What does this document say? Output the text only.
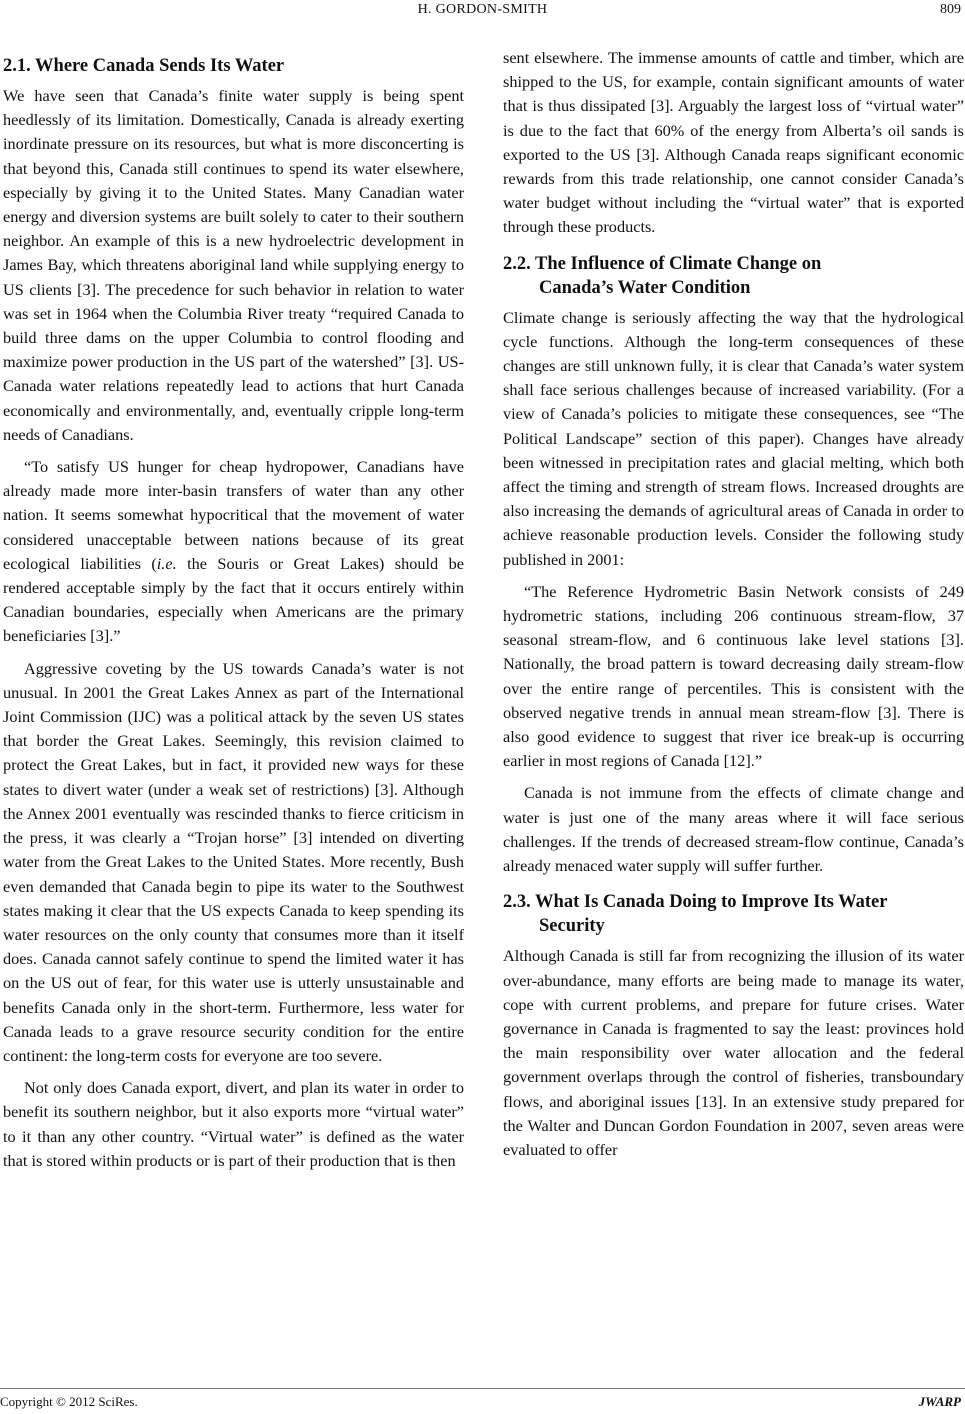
H. GORDON-SMITH	809
2.1. Where Canada Sends Its Water

We have seen that Canada’s finite water supply is being spent heedlessly of its limitation. Domestically, Canada is already exerting inordinate pressure on its resources, but what is more disconcerting is that beyond this, Canada still continues to spend its water elsewhere, especially by giving it to the United States. Many Canadian water energy and diversion systems are built solely to cater to their southern neighbor. An example of this is a new hydroelectric development in James Bay, which threatens aboriginal land while supplying energy to US clients [3]. The precedence for such behavior in relation to water was set in 1964 when the Columbia River treaty “required Canada to build three dams on the upper Columbia to control flooding and maximize power production in the US part of the watershed” [3]. US-Canada water relations repeatedly lead to actions that hurt Canada economically and environmentally, and, eventually cripple long-term needs of Canadians.

“To satisfy US hunger for cheap hydropower, Canadians have already made more inter-basin transfers of water than any other nation. It seems somewhat hypocritical that the movement of water considered unacceptable between nations because of its great ecological liabilities (i.e. the Souris or Great Lakes) should be rendered acceptable simply by the fact that it occurs entirely within Canadian boundaries, especially when Americans are the primary beneficiaries [3].”

Aggressive coveting by the US towards Canada’s water is not unusual. In 2001 the Great Lakes Annex as part of the International Joint Commission (IJC) was a political attack by the seven US states that border the Great Lakes. Seemingly, this revision claimed to protect the Great Lakes, but in fact, it provided new ways for these states to divert water (under a weak set of restrictions) [3]. Although the Annex 2001 eventually was rescinded thanks to fierce criticism in the press, it was clearly a “Trojan horse” [3] intended on diverting water from the Great Lakes to the United States. More recently, Bush even demanded that Canada begin to pipe its water to the Southwest states making it clear that the US expects Canada to keep spending its water resources on the only county that consumes more than it itself does. Canada cannot safely continue to spend the limited water it has on the US out of fear, for this water use is utterly unsustainable and benefits Canada only in the short-term. Furthermore, less water for Canada leads to a grave resource security condition for the entire continent: the long-term costs for everyone are too severe.

Not only does Canada export, divert, and plan its water in order to benefit its southern neighbor, but it also exports more “virtual water” to it than any other country. “Virtual water” is defined as the water that is stored within products or is part of their production that is then

sent elsewhere. The immense amounts of cattle and timber, which are shipped to the US, for example, contain significant amounts of water that is thus dissipated [3]. Arguably the largest loss of “virtual water” is due to the fact that 60% of the energy from Alberta’s oil sands is exported to the US [3]. Although Canada reaps significant economic rewards from this trade relationship, one cannot consider Canada’s water budget without including the “virtual water” that is exported through these products.

2.2. The Influence of Climate Change on
Canada’s Water Condition

Climate change is seriously affecting the way that the hydrological cycle functions. Although the long-term consequences of these changes are still unknown fully, it is clear that Canada’s water system shall face serious challenges because of increased variability. (For a view of Canada’s policies to mitigate these consequences, see “The Political Landscape” section of this paper). Changes have already been witnessed in precipitation rates and glacial melting, which both affect the timing and strength of stream flows. Increased droughts are also increasing the demands of agricultural areas of Canada in order to achieve reasonable production levels. Consider the following study published in 2001:

“The Reference Hydrometric Basin Network consists of 249 hydrometric stations, including 206 continuous stream-flow, 37 seasonal stream-flow, and 6 continuous lake level stations [3]. Nationally, the broad pattern is toward decreasing daily stream-flow over the entire range of percentiles. This is consistent with the observed negative trends in annual mean stream-flow [3]. There is also good evidence to suggest that river ice break-up is occurring earlier in most regions of Canada [12].”

Canada is not immune from the effects of climate change and water is just one of the many areas where it will face serious challenges. If the trends of decreased stream-flow continue, Canada’s already menaced water supply will suffer further.

2.3. What Is Canada Doing to Improve Its Water
Security

Although Canada is still far from recognizing the illusion of its water over-abundance, many efforts are being made to manage its water, cope with current problems, and prepare for future crises. Water governance in Canada is fragmented to say the least: provinces hold the main responsibility over water allocation and the federal government overlaps through the control of fisheries, transboundary flows, and aboriginal issues [13]. In an extensive study prepared for the Walter and Duncan Gordon Foundation in 2007, seven areas were evaluated to offer

Copyright © 2012 SciRes.	JWARP
